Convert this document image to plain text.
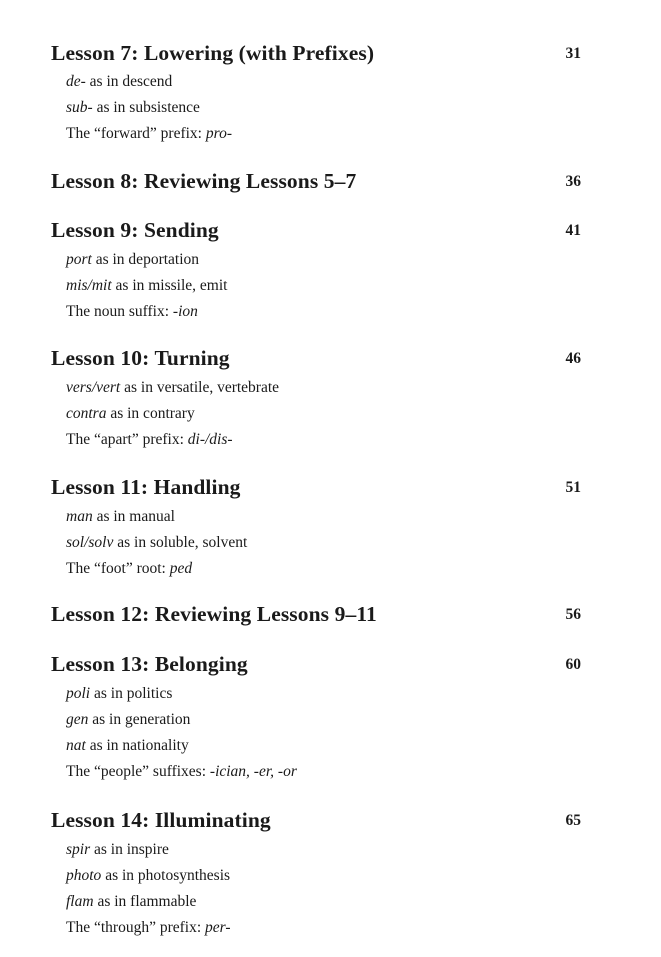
Lesson 7: Lowering (with Prefixes)	31
de- as in descend
sub- as in subsistence
The “forward” prefix: pro-
Lesson 8: Reviewing Lessons 5–7	36
Lesson 9: Sending	41
port as in deportation
mis/mit as in missile, emit
The noun suffix: -ion
Lesson 10: Turning	46
vers/vert as in versatile, vertebrate
contra as in contrary
The “apart” prefix: di-/dis-
Lesson 11: Handling	51
man as in manual
sol/solv as in soluble, solvent
The “foot” root: ped
Lesson 12: Reviewing Lessons 9–11	56
Lesson 13: Belonging	60
poli as in politics
gen as in generation
nat as in nationality
The “people” suffixes: -ician, -er, -or
Lesson 14: Illuminating	65
spir as in inspire
photo as in photosynthesis
flam as in flammable
The “through” prefix: per-
